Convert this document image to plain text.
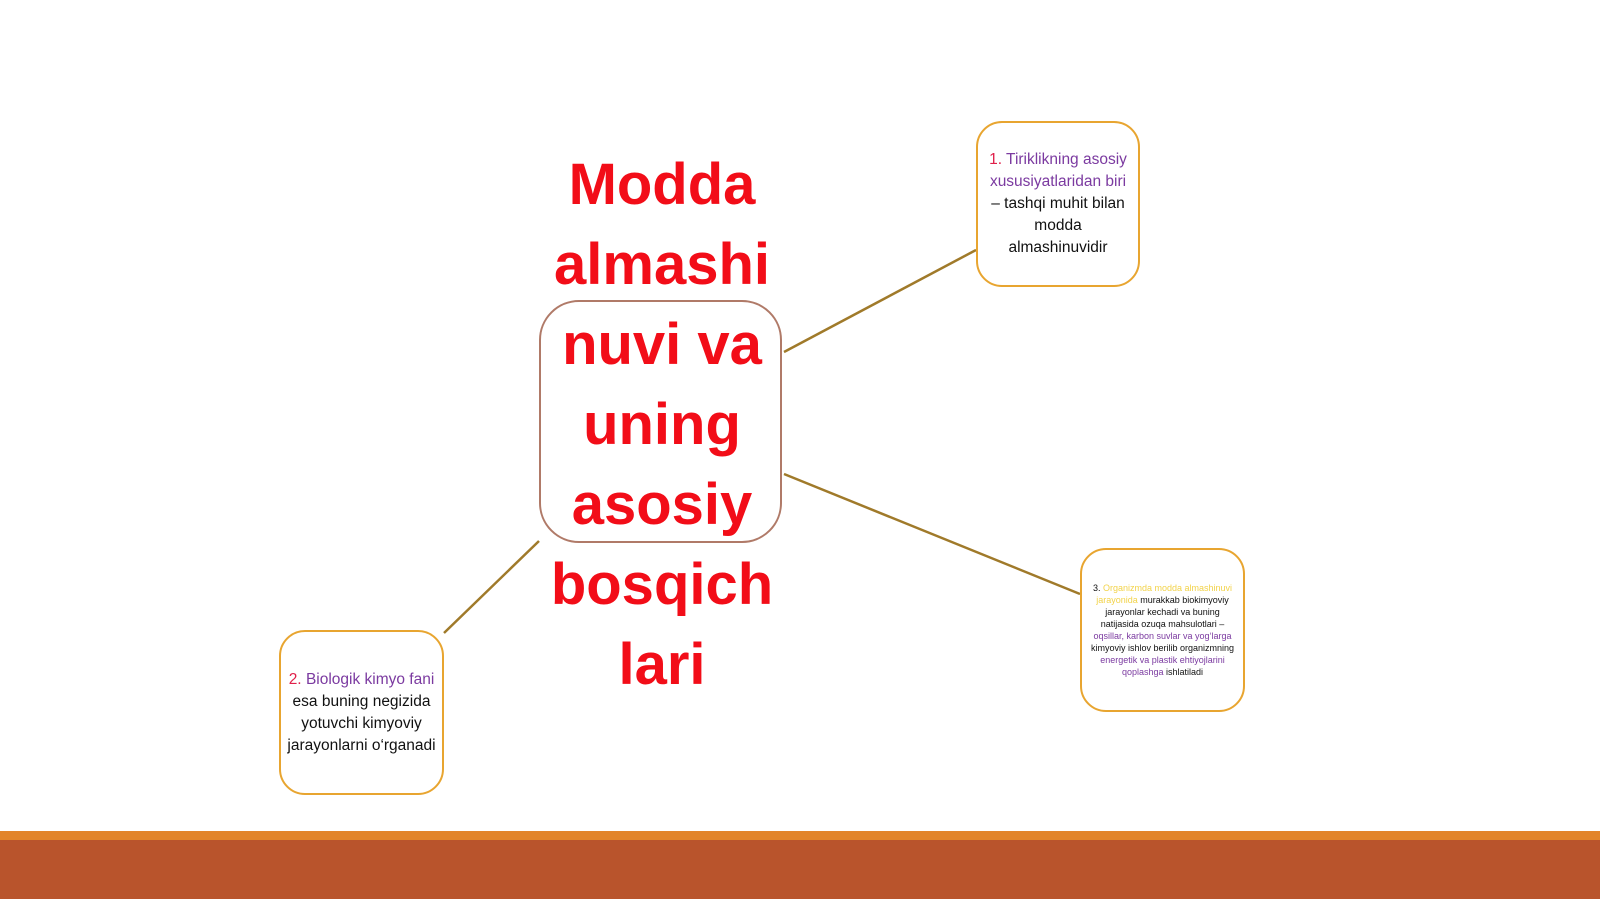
Modda
almashi
nuvi va
uning
asosiy
bosqich
lari
1. Tiriklikning asosiy xususiyatlaridan biri – tashqi muhit bilan modda almashinuvidir
2. Biologik kimyo fani esa buning negizida yotuvchi kimyoviy jarayonlarni o‘rganadi
3. Organizmda modda almashinuvi jarayonida murakkab biokimyoviy jarayonlar kechadi va buning natijasida ozuqa mahsulotlari – oqsillar, karbon suvlar va yog‘larga kimyoviy ishlov berilib organizmning energetik va plastik ehtiyojlarini qoplashga ishlatiladi
